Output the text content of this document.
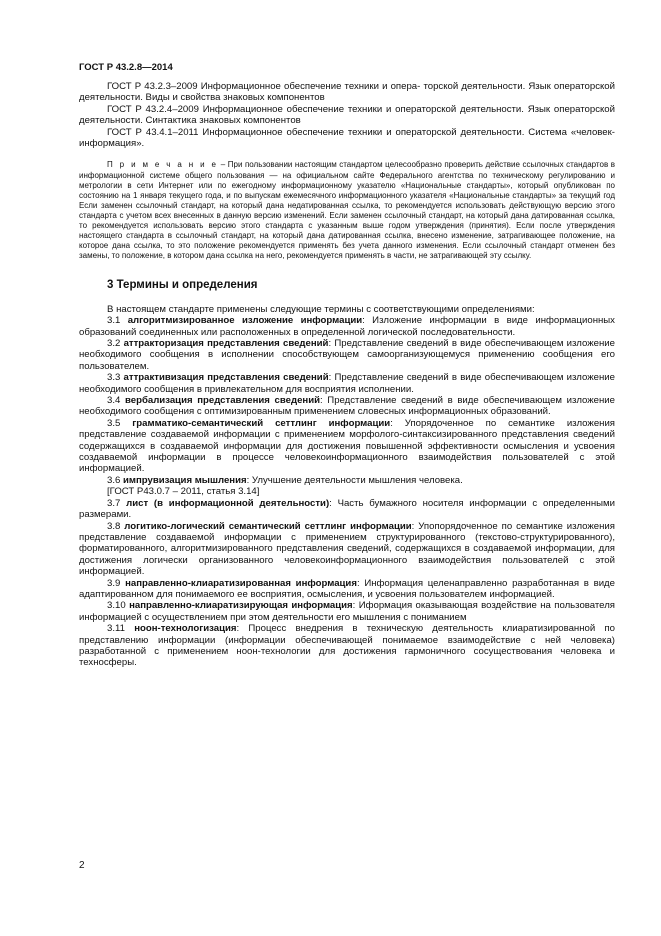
ГОСТ Р 43.2.8—2014

ГОСТ Р 43.2.3–2009 Информационное обеспечение техники и опера- торской деятельности. Язык операторской деятельности. Виды и свойства знаковых компонентов

ГОСТ Р 43.2.4–2009 Информационное обеспечение техники и операторской деятельности. Язык операторской деятельности. Синтактика знаковых компонентов

ГОСТ Р 43.4.1–2011 Информационное обеспечение техники и операторской деятельности. Система «человек-информация».

П р и м е ч а н и е – При пользовании настоящим стандартом целесообразно проверить действие ссылочных стандартов в информационной системе общего пользования — на официальном сайте Федерального агентства по техническому регулированию и метрологии в сети Интернет или по ежегодному информационному указателю «Национальные стандарты», который опубликован по состоянию на 1 января текущего года, и по выпускам ежемесячного информационного указателя «Национальные стандарты» за текущий год Если заменен ссылочный стандарт, на который дана недатированная ссылка, то рекомендуется использовать действующую версию этого стандарта с учетом всех внесенных в данную версию изменений. Если заменен ссылочный стандарт, на который дана датированная ссылка, то рекомендуется использовать версию этого стандарта с указанным выше годом утверждения (принятия). Если после утверждения настоящего стандарта в ссылочный стандарт, на который дана датированная ссылка, внесено изменение, затрагивающее положение, на которое дана ссылка, то это положение рекомендуется применять без учета данного изменения. Если ссылочный стандарт отменен без замены, то положение, в котором дана ссылка на него, рекомендуется применять в части, не затрагивающей эту ссылку.

3 Термины и определения

В настоящем стандарте применены следующие термины с соответствующими определениями:

3.1 алгоритмизированное изложение информации: Изложение информации в виде информационных образований соединенных или расположенных в определенной логической последовательности.

3.2 аттракторизация представления сведений: Представление сведений в виде обеспечивающем изложение необходимого сообщения в исполнении способствующем самоорганизующемуся применению сообщения его пользователем.

3.3 аттрактивизация представления сведений: Представление сведений в виде обеспечивающем изложение необходимого сообщения в привлекательном для восприятия исполнении.

3.4 вербализация представления сведений: Представление сведений в виде обеспечивающем изложение необходимого сообщения с оптимизированным применением словесных информационных образований.

3.5 грамматико-семантический сеттлинг информации: Упорядоченное по семантике изложения представление создаваемой информации с применением морфолого-синтаксизированного представления сведений содержащихся в создаваемой информации для достижения повышенной эффективности осмысления и усвоения создаваемой информации в процессе человекоинформационного взаимодействия пользователей с этой информацией.

3.6 импрувизация мышления: Улучшение деятельности мышления человека.

[ГОСТ Р43.0.7 – 2011, статья 3.14]

3.7 лист (в информационной деятельности): Часть бумажного носителя информации с определенными размерами.

3.8 логитико-логический семантический сеттлинг информации: Упопорядоченное по семантике изложения представление создаваемой информации с применением структурированного (текстово-структурированного), форматированного, алгоритмизированного представления сведений, содержащихся в создаваемой информации, для достижения логически организованного человекоинформационного взаимодействия пользователей с этой информацией.

3.9 направленно-клиаратизированная информация: Информация целенаправленно разработанная в виде адаптированном для понимаемого ее восприятия, осмысления, и усвоения пользователем информацией.

3.10 направленно-клиаратизирующая информация: Иформация оказывающая воздействие на пользователя информацией с осуществлением при этом деятельности его мышления с пониманием

3.11 ноон-технологизация: Процесс внедрения в техническую деятельность клиаратизированной по представлению информации (информации обеспечивающей понимаемое взаимодействие с ней человека) разработанной с применением ноон-технологии для достижения гармоничного сосуществования человека и техносферы.

2
